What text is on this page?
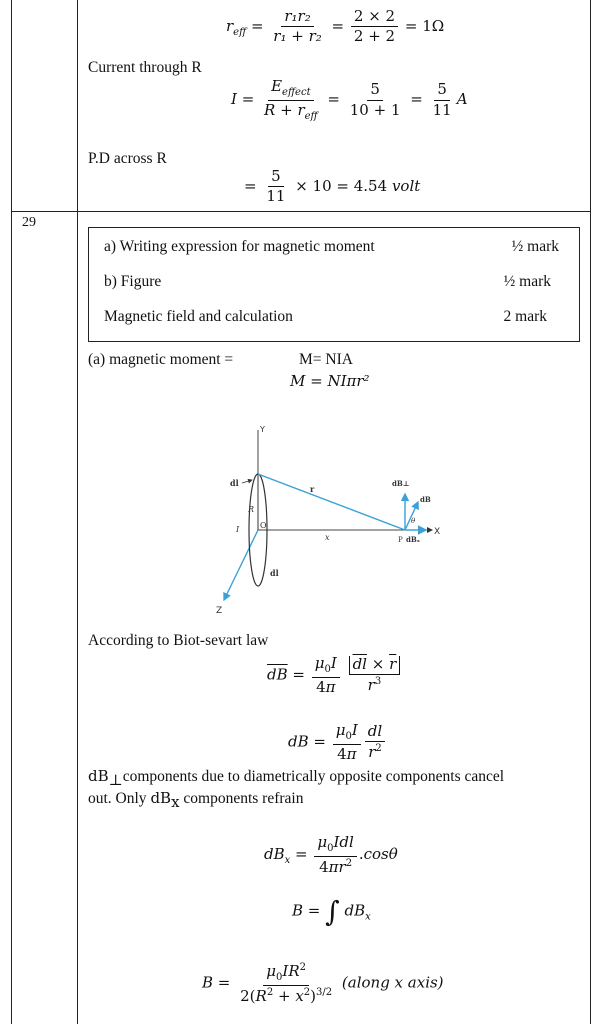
$r_{eff} = \frac{\text{r₁r₂}}{\text{r₁ + r₂}} = \frac{2 \times 2}{2 + 2} = 1\Omega$
Current through R
$I = \frac{E_{effect}}{R + r_{eff}} = \frac{5}{10 + 1} = \frac{5}{11}$ A
P.D across R
= $\frac{5}{11} \times 10 = 4.54$ volt
29
a) Writing expression for magnetic moment	½ mark
b) Figure	½ mark
Magnetic field and calculation	2 mark
(a) magnetic moment =	M= NIA
M = NIπr²
Y
X
Z
R
r
dl
dl
I	O
x	P
dB⊥
dB
dBₓ
θ
According to Biot-sevart law
$\overline{dB} = \frac{\mu_0I}{4\pi}$
$\frac{\overline{dl} \times \overline{r}}{r^3}$
dB = $\frac{\mu_0I}{4\pi} \frac{dl}{r^2}$
$dB_\perp components$ due to diametrically opposite components cancel
out. Only $dB_x$ components refrain
$dB_x = \frac{\mu_0Idl}{4\pi r^2} .\cos\theta$
B = ∫ $dB_x$
$B = \frac{\mu_0IR^2}{2(R^2 + x^2)^{3/2}}$ (along x axis)
